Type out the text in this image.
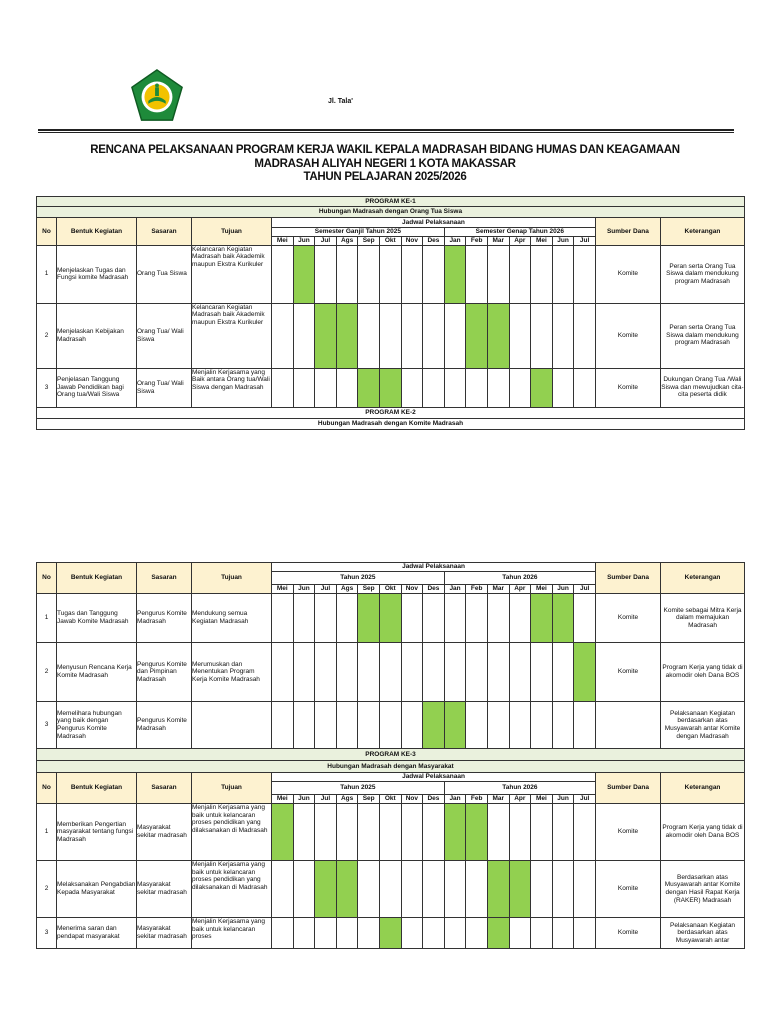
Jl. Tala'
RENCANA PELAKSANAAN PROGRAM KERJA WAKIL KEPALA MADRASAH BIDANG HUMAS DAN KEAGAMAAN
MADRASAH ALIYAH NEGERI 1 KOTA MAKASSAR
TAHUN PELAJARAN 2025/2026
PROGRAM KE-1																				
Hubungan Madrasah dengan Orang Tua Siswa																				
No	Bentuk Kegiatan	Sasaran	Tujuan	Jadwal Pelaksanaan															Sumber Dana	Keterangan
				Semester Ganjil Tahun 2025								Semester Genap Tahun 2026								
				Mei	Jun	Jul	Ags	Sep	Okt	Nov	Des	Jan	Feb	Mar	Apr	Mei	Jun	Jul		
1	Menjelaskan Tugas dan Fungsi komite Madrasah	Orang Tua Siswa	Kelancaran Kegiatan Madrasah baik Akademik maupun Ekstra Kurikuler																Komite	Peran serta Orang Tua Siswa dalam mendukung program Madrasah
2	Menjelaskan Kebijakan Madrasah	Orang Tua/ Wali Siswa	Kelancaran Kegiatan Madrasah baik Akademik maupun Ekstra Kurikuler																Komite	Peran serta Orang Tua Siswa dalam mendukung program Madrasah
3	Penjelasan Tanggung Jawab Pendidikan bagi Orang tua/Wali Siswa	Orang Tua/ Wali Siswa	Menjalin Kerjasama yang Baik antara Orang tua/Wali Siswa dengan Madrasah																Komite	Dukungan Orang Tua /Wali Siswa dan mewujudkan cita-cita peserta didik
PROGRAM KE-2																				
Hubungan Madrasah dengan Komite Madrasah																				
No	Bentuk Kegiatan	Sasaran	Tujuan	Jadwal Pelaksanaan															Sumber Dana	Keterangan
				Tahun 2025								Tahun 2026								
				Mei	Jun	Jul	Ags	Sep	Okt	Nov	Des	Jan	Feb	Mar	Apr	Mei	Jun	Jul		
1	Tugas dan Tanggung Jawab Komite Madrasah	Pengurus Komite Madrasah	Mendukung semua Kegiatan Madrasah																Komite	Komite sebagai Mitra Kerja dalam memajukan Madrasah
2	Menyusun Rencana Kerja Komite Madrasah	Pengurus Komite dan Pimpinan Madrasah	Merumuskan dan Menentukan Program Kerja Komite Madrasah																Komite	Program Kerja yang tidak di akomodir oleh Dana BOS
3	Memelihara hubungan yang baik dengan Pengurus Komite Madrasah	Pengurus Komite Madrasah																		Pelaksanaan Kegiatan berdasarkan atas Musyawarah antar Komite dengan Madrasah
PROGRAM KE-3																				
Hubungan Madrasah dengan Masyarakat																				
No	Bentuk Kegiatan	Sasaran	Tujuan	Jadwal Pelaksanaan															Sumber Dana	Keterangan
				Tahun 2025								Tahun 2026								
				Mei	Jun	Jul	Ags	Sep	Okt	Nov	Des	Jan	Feb	Mar	Apr	Mei	Jun	Jul		
1	Memberikan Pengertian masyarakat tentang fungsi Madrasah	Masyarakat sekitar madrasah	Menjalin Kerjasama yang baik untuk kelancaran proses pendidikan yang dilaksanakan di Madrasah																Komite	Program Kerja yang tidak di akomodir oleh Dana BOS
2	Melaksanakan Pengabdian Kepada Masyarakat	Masyarakat sekitar madrasah	Menjalin Kerjasama yang baik untuk kelancaran proses pendidikan yang dilaksanakan di Madrasah																Komite	Berdasarkan atas Musyawarah antar Komite dengan Hasil Rapat Kerja (RAKER) Madrasah
3	Menerima saran dan pendapat masyarakat	Masyarakat sekitar madrasah	Menjalin Kerjasama yang baik untuk kelancaran proses																Komite	Pelaksanaan Kegiatan berdasarkan atas Musyawarah antar
